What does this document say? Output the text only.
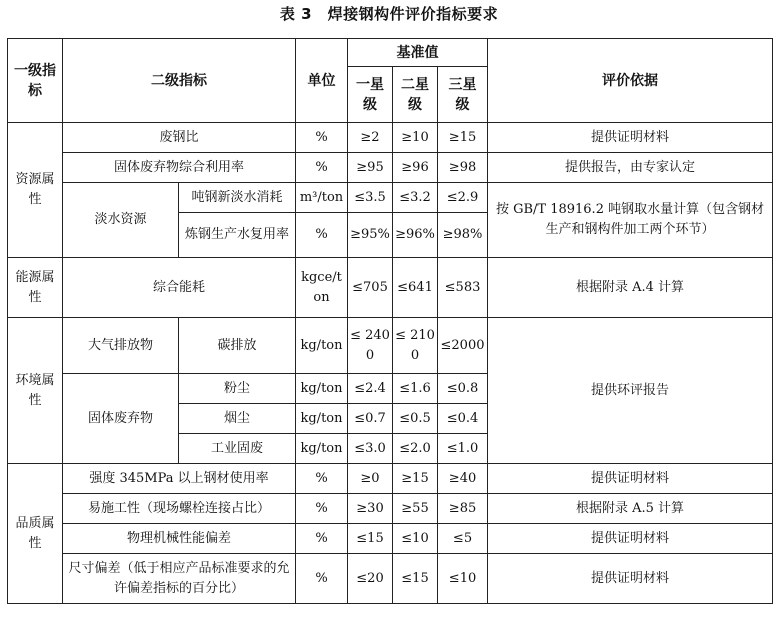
表 3　焊接钢构件评价指标要求
一级指 标	二级指标		单位	基准值			评价依据
				一星 级	二星 级	三星 级	
资源属 性	废钢比		%	≥2	≥10	≥15	提供证明材料
	固体废弃物综合利用率		%	≥95	≥96	≥98	提供报告，由专家认定
	淡水资源	吨钢新淡水消耗	m³/ton	≤3.5	≤3.2	≤2.9	按 GB/T 18916.2 吨钢取水量计算（包含钢材生产和钢构件加工两个环节）
		炼钢生产水复用率	%	≥95%	≥96%	≥98%	
能源属 性	综合能耗		kgce/ton	≤705	≤641	≤583	根据附录 A.4 计算
环境属 性	大气排放物	碳排放	kg/ton	≤ 2400	≤ 2100	≤2000	提供环评报告
	固体废弃物	粉尘	kg/ton	≤2.4	≤1.6	≤0.8	
		烟尘	kg/ton	≤0.7	≤0.5	≤0.4	
		工业固废	kg/ton	≤3.0	≤2.0	≤1.0	
品质属 性	强度 345MPa 以上钢材使用率		%	≥0	≥15	≥40	提供证明材料
	易施工性（现场螺栓连接占比）		%	≥30	≥55	≥85	根据附录 A.5 计算
	物理机械性能偏差		%	≤15	≤10	≤5	提供证明材料
	尺寸偏差（低于相应产品标准要求的允许偏差指标的百分比）		%	≤20	≤15	≤10	提供证明材料
